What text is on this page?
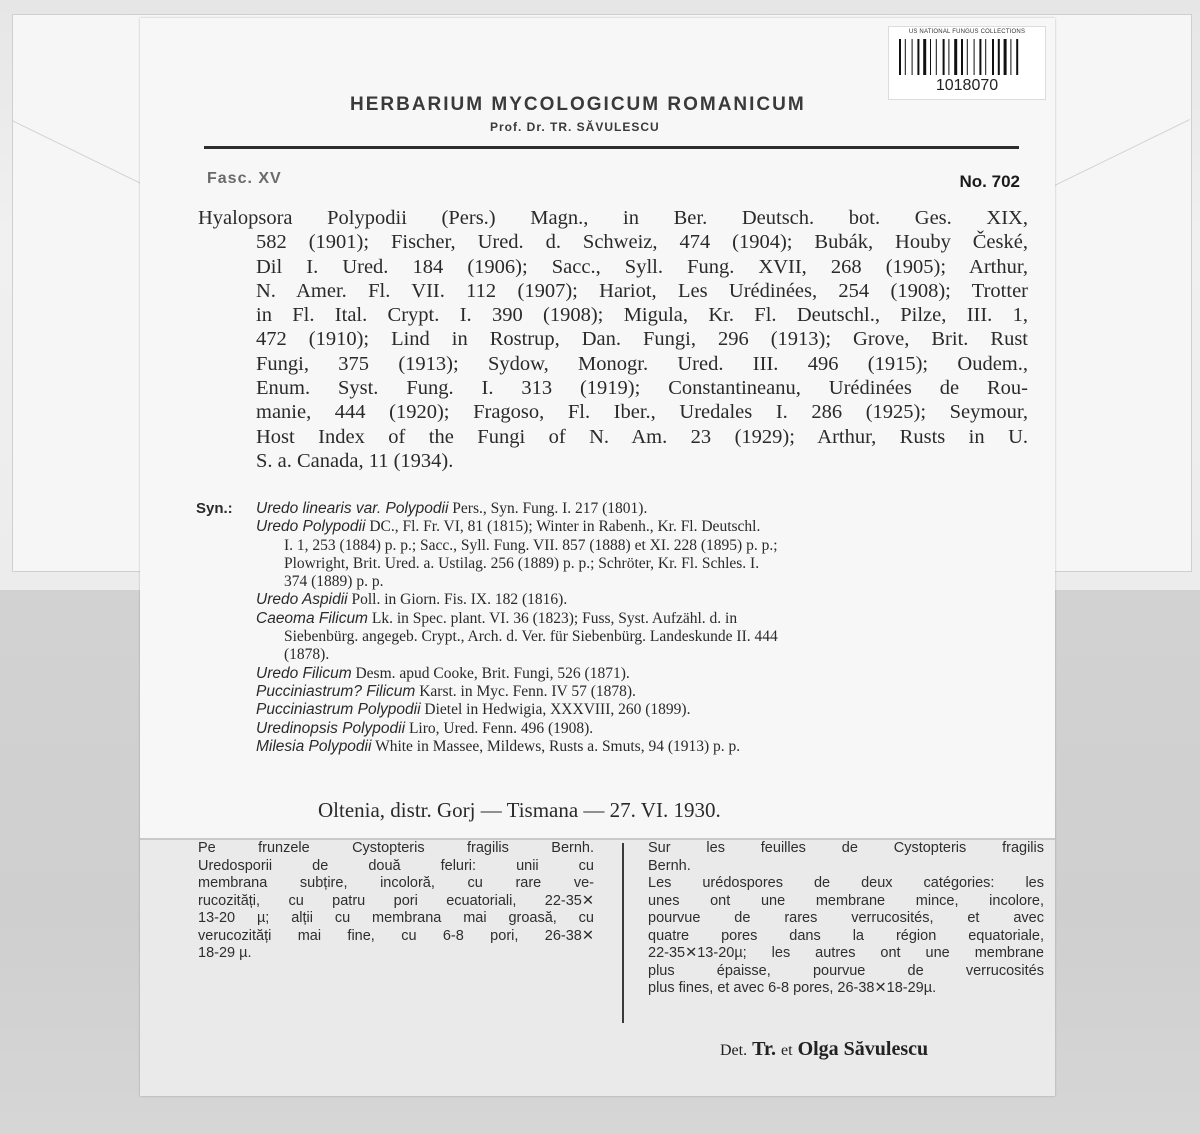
US NATIONAL FUNGUS COLLECTIONS
1018070
HERBARIUM MYCOLOGICUM ROMANICUM
Prof. Dr. TR. SĂVULESCU
Fasc. XV	No. 702
Hyalopsora Polypodii (Pers.) Magn., in Ber. Deutsch. bot. Ges. XIX,
582 (1901); Fischer, Ured. d. Schweiz, 474 (1904); Bubák, Houby České,
Dil I. Ured. 184 (1906); Sacc., Syll. Fung. XVII, 268 (1905); Arthur,
N. Amer. Fl. VII. 112 (1907); Hariot, Les Urédinées, 254 (1908); Trotter
in Fl. Ital. Crypt. I. 390 (1908); Migula, Kr. Fl. Deutschl., Pilze, III. 1,
472 (1910); Lind in Rostrup, Dan. Fungi, 296 (1913); Grove, Brit. Rust
Fungi, 375 (1913); Sydow, Monogr. Ured. III. 496 (1915); Oudem.,
Enum. Syst. Fung. I. 313 (1919); Constantineanu, Urédinées de Rou-
manie, 444 (1920); Fragoso, Fl. Iber., Uredales I. 286 (1925); Seymour,
Host Index of the Fungi of N. Am. 23 (1929); Arthur, Rusts in U.
S. a. Canada, 11 (1934).
Syn.: Uredo linearis var. Polypodii Pers., Syn. Fung. I. 217 (1801).
Uredo Polypodii DC., Fl. Fr. VI, 81 (1815); Winter in Rabenh., Kr. Fl. Deutschl.
I. 1, 253 (1884) p. p.; Sacc., Syll. Fung. VII. 857 (1888) et XI. 228 (1895) p. p.;
Plowright, Brit. Ured. a. Ustilag. 256 (1889) p. p.; Schröter, Kr. Fl. Schles. I.
374 (1889) p. p.
Uredo Aspidii Poll. in Giorn. Fis. IX. 182 (1816).
Caeoma Filicum Lk. in Spec. plant. VI. 36 (1823); Fuss, Syst. Aufzähl. d. in
Siebenbürg. angegeb. Crypt., Arch. d. Ver. für Siebenbürg. Landeskunde II. 444
(1878).
Uredo Filicum Desm. apud Cooke, Brit. Fungi, 526 (1871).
Pucciniastrum? Filicum Karst. in Myc. Fenn. IV 57 (1878).
Pucciniastrum Polypodii Dietel in Hedwigia, XXXVIII, 260 (1899).
Uredinopsis Polypodii Liro, Ured. Fenn. 496 (1908).
Milesia Polypodii White in Massee, Mildews, Rusts a. Smuts, 94 (1913) p. p.
Oltenia, distr. Gorj — Tismana — 27. VI. 1930.
Pe frunzele Cystopteris fragilis Bernh.
Uredosporii de două feluri: unii cu
membrana subțire, incoloră, cu rare ve-
rucozități, cu patru pori ecuatoriali, 22-35✕
13-20 µ; alții cu membrana mai groasă, cu
verucozități mai fine, cu 6-8 pori, 26-38✕
18-29 µ.
Sur les feuilles de Cystopteris fragilis
Bernh.
Les urédospores de deux catégories: les
unes ont une membrane mince, incolore,
pourvue de rares verrucosités, et avec
quatre pores dans la région equatoriale,
22-35✕13-20µ; les autres ont une membrane
plus épaisse, pourvue de verrucosités
plus fines, et avec 6-8 pores, 26-38✕18-29µ.
Det. Tr. et Olga Săvulescu
